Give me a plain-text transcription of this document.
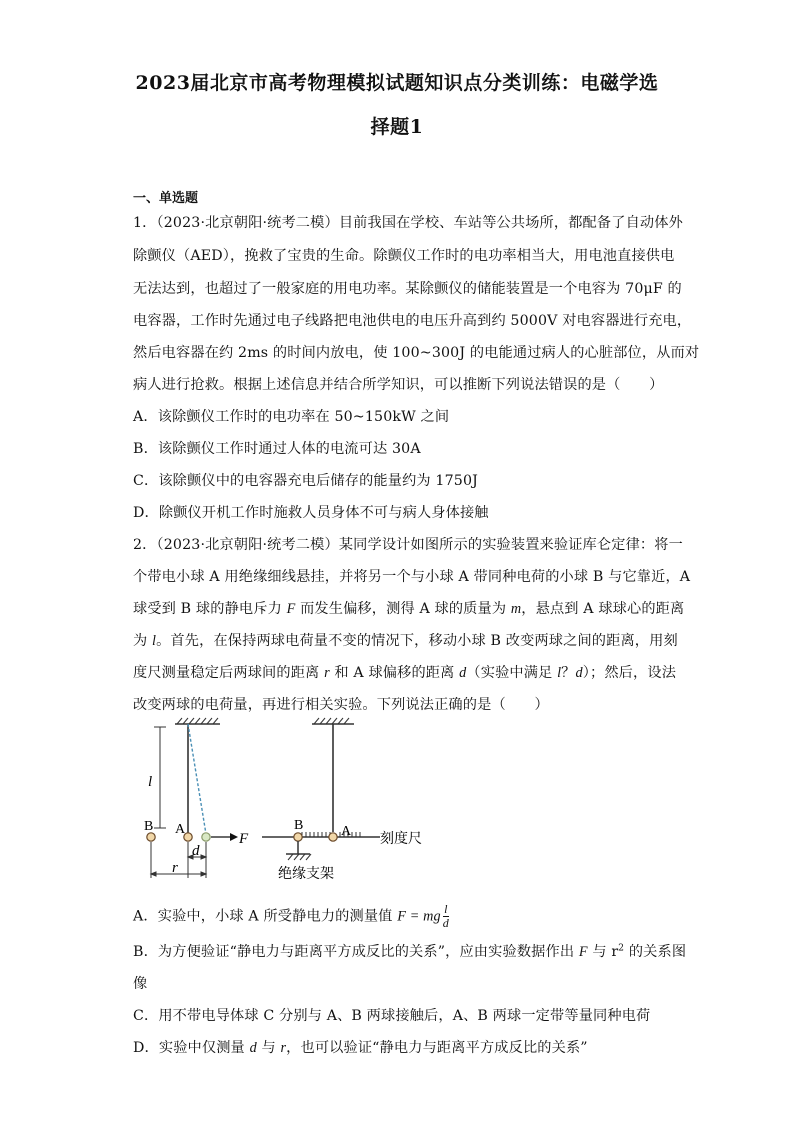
2023届北京市高考物理模拟试题知识点分类训练：电磁学选
择题1
一、单选题
1．（2023·北京朝阳·统考二模）目前我国在学校、车站等公共场所，都配备了自动体外
除颤仪（AED），挽救了宝贵的生命。除颤仪工作时的电功率相当大，用电池直接供电
无法达到，也超过了一般家庭的用电功率。某除颤仪的储能装置是一个电容为 70μF 的
电容器，工作时先通过电子线路把电池供电的电压升高到约 5000V 对电容器进行充电，
然后电容器在约 2ms 的时间内放电，使 100~300J 的电能通过病人的心脏部位，从而对
病人进行抢救。根据上述信息并结合所学知识，可以推断下列说法错误的是（　　）
A．该除颤仪工作时的电功率在 50~150kW 之间
B．该除颤仪工作时通过人体的电流可达 30A
C．该除颤仪中的电容器充电后储存的能量约为 1750J
D．除颤仪开机工作时施救人员身体不可与病人身体接触
2．（2023·北京朝阳·统考二模）某同学设计如图所示的实验装置来验证库仑定律：将一
个带电小球 A 用绝缘细线悬挂，并将另一个与小球 A 带同种电荷的小球 B 与它靠近，A
球受到 B 球的静电斥力 F 而发生偏移，测得 A 球的质量为 m，悬点到 A 球球心的距离
为 l。首先，在保持两球电荷量不变的情况下，移动小球 B 改变两球之间的距离，用刻
度尺测量稳定后两球间的距离 r 和 A 球偏移的距离 d（实验中满足 l？d）；然后，设法
改变两球的电荷量，再进行相关实验。下列说法正确的是（　　）
l
B A
F
d
r
B	A 刻度尺
绝缘支架
A．实验中，小球 A 所受静电力的测量值 F = mg $\frac{l}{d}$
B．为方便验证“静电力与距离平方成反比的关系”，应由实验数据作出 F 与 $r^2$ 的关系图
像
C．用不带电导体球 C 分别与 A、B 两球接触后，A、B 两球一定带等量同种电荷
D．实验中仅测量 d 与 r，也可以验证“静电力与距离平方成反比的关系”
